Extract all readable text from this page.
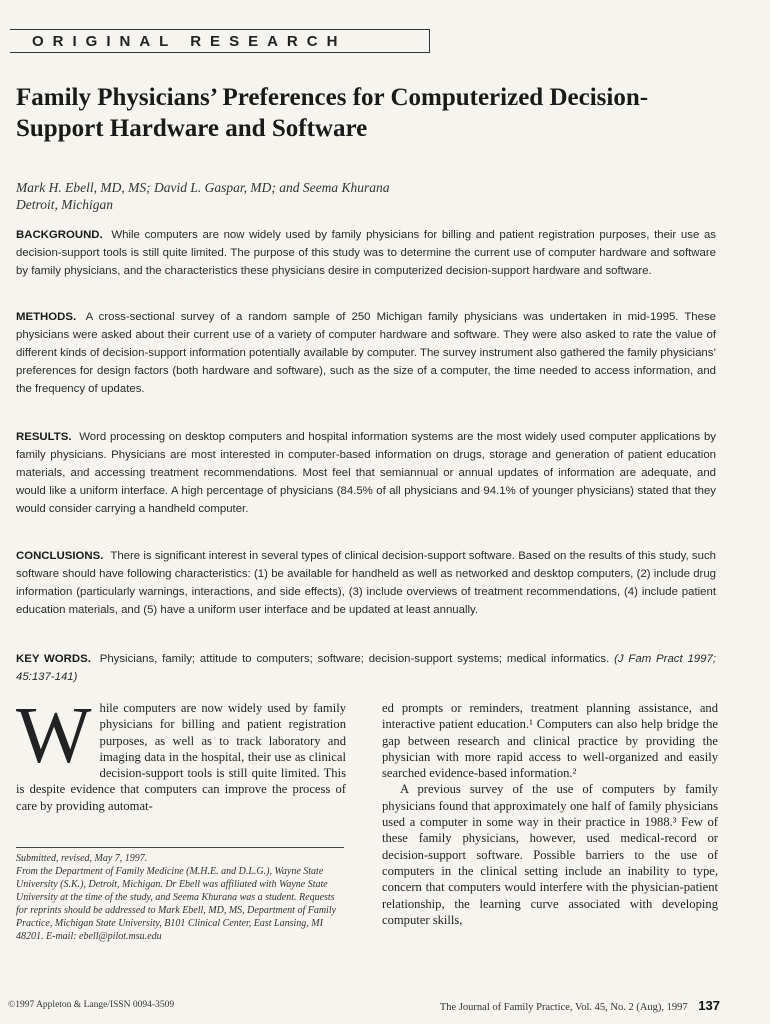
ORIGINAL RESEARCH
Family Physicians’ Preferences for Computerized Decision-Support Hardware and Software
Mark H. Ebell, MD, MS; David L. Gaspar, MD; and Seema Khurana
Detroit, Michigan

BACKGROUND. While computers are now widely used by family physicians for billing and patient registration purposes, their use as decision-support tools is still quite limited. The purpose of this study was to determine the current use of computer hardware and software by family physicians, and the characteristics these physicians desire in computerized decision-support hardware and software.

METHODS. A cross-sectional survey of a random sample of 250 Michigan family physicians was undertaken in mid-1995. These physicians were asked about their current use of a variety of computer hardware and software. They were also asked to rate the value of different kinds of decision-support information potentially available by computer. The survey instrument also gathered the family physicians’ preferences for design factors (both hardware and software), such as the size of a computer, the time needed to access information, and the frequency of updates.

RESULTS. Word processing on desktop computers and hospital information systems are the most widely used computer applications by family physicians. Physicians are most interested in computer-based information on drugs, storage and generation of patient education materials, and accessing treatment recommendations. Most feel that semiannual or annual updates of information are adequate, and would like a uniform interface. A high percentage of physicians (84.5% of all physicians and 94.1% of younger physicians) stated that they would consider carrying a handheld computer.

CONCLUSIONS. There is significant interest in several types of clinical decision-support software. Based on the results of this study, such software should have following characteristics: (1) be available for handheld as well as networked and desktop computers, (2) include drug information (particularly warnings, interactions, and side effects), (3) include overviews of treatment recommendations, (4) include patient education materials, and (5) have a uniform user interface and be updated at least annually.

KEY WORDS. Physicians, family; attitude to computers; software; decision-support systems; medical informatics. (J Fam Pract 1997; 45:137-141)

W hile computers are now widely used by family physicians for billing and patient registration purposes, as well as to track laboratory and imaging data in the hospital, their use as clinical decision-support tools is still quite limited. This is despite evidence that computers can improve the process of care by providing automat-

Submitted, revised, May 7, 1997.
From the Department of Family Medicine (M.H.E. and D.L.G.), Wayne State University (S.K.), Detroit, Michigan. Dr Ebell was affiliated with Wayne State University at the time of the study, and Seema Khurana was a student. Requests for reprints should be addressed to Mark Ebell, MD, MS, Department of Family Practice, Michigan State University, B101 Clinical Center, East Lansing, MI 48201. E-mail: ebell@pilot.msu.edu

ed prompts or reminders, treatment planning assistance, and interactive patient education.¹ Computers can also help bridge the gap between research and clinical practice by providing the physician with more rapid access to well-organized and easily searched evidence-based information.²

A previous survey of the use of computers by family physicians found that approximately one half of family physicians used a computer in some way in their practice in 1988.³ Few of these family physicians, however, used medical-record or decision-support software. Possible barriers to the use of computers in the clinical setting include an inability to type, concern that computers would interfere with the physician-patient relationship, the learning curve associated with developing computer skills,

©1997 Appleton & Lange/ISSN 0094-3509	The Journal of Family Practice, Vol. 45, No. 2 (Aug), 1997 137
